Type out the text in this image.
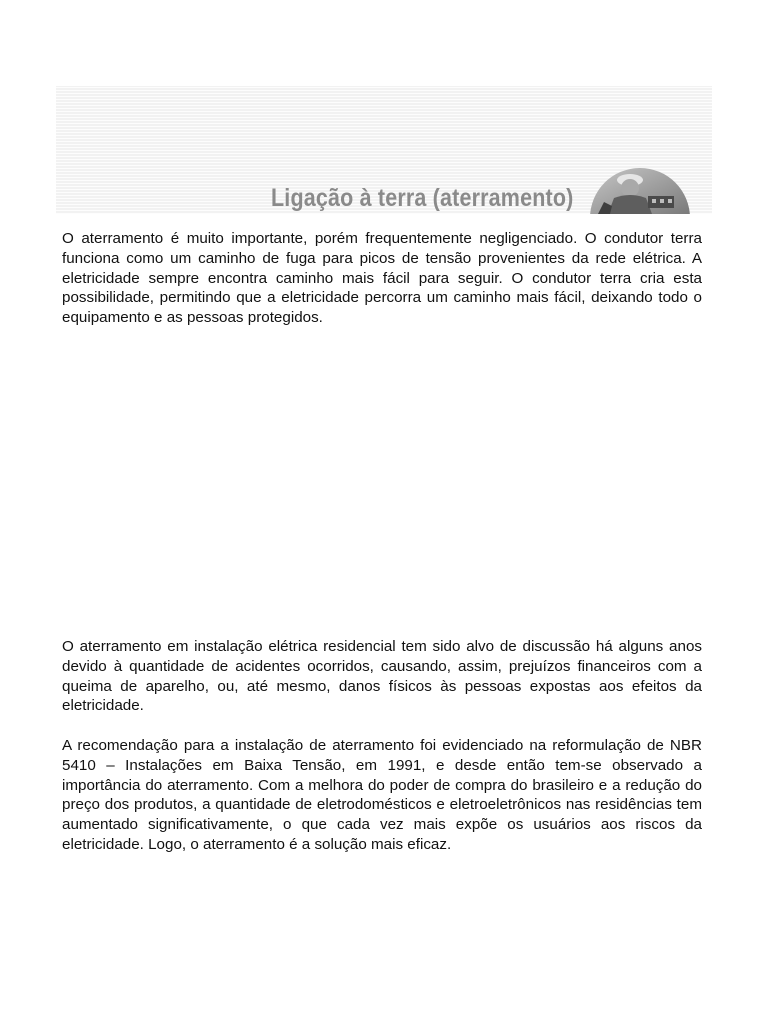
Ligação à terra (aterramento)

O aterramento é muito importante, porém frequentemente negligenciado. O condutor terra funciona como um caminho de fuga para picos de tensão provenientes da rede elétrica. A eletricidade sempre encontra caminho mais fácil para seguir. O condutor terra cria esta possibilidade, permitindo que a eletricidade percorra um caminho mais fácil, deixando todo o equipamento e as pessoas protegidos.

O aterramento em instalação elétrica residencial tem sido alvo de discussão há alguns anos devido à quantidade de acidentes ocorridos, causando, assim, prejuízos financeiros com a queima de aparelho, ou, até mesmo, danos físicos às pessoas expostas aos efeitos da eletricidade.

A recomendação para a instalação de aterramento foi evidenciado na reformulação de NBR 5410 – Instalações em Baixa Tensão, em 1991, e desde então tem-se observado a importância do aterramento. Com a melhora do poder de compra do brasileiro e a redução do preço dos produtos, a quantidade de eletrodomésticos e eletroeletrônicos nas residências tem aumentado significativamente, o que cada vez mais expõe os usuários aos riscos da eletricidade. Logo, o aterramento é a solução mais eficaz.
